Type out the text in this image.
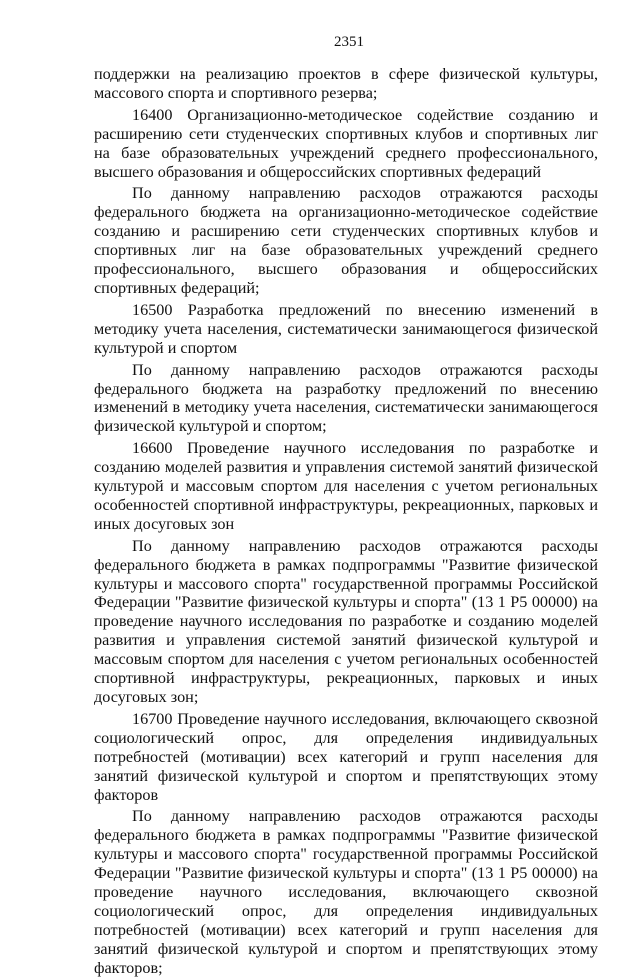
2351

поддержки на реализацию проектов в сфере физической культуры, массового спорта и спортивного резерва;

16400 Организационно-методическое содействие созданию и расширению сети студенческих спортивных клубов и спортивных лиг на базе образовательных учреждений среднего профессионального, высшего образования и общероссийских спортивных федераций

По данному направлению расходов отражаются расходы федерального бюджета на организационно-методическое содействие созданию и расширению сети студенческих спортивных клубов и спортивных лиг на базе образовательных учреждений среднего профессионального, высшего образования и общероссийских спортивных федераций;

16500 Разработка предложений по внесению изменений в методику учета населения, систематически занимающегося физической культурой и спортом

По данному направлению расходов отражаются расходы федерального бюджета на разработку предложений по внесению изменений в методику учета населения, систематически занимающегося физической культурой и спортом;

16600 Проведение научного исследования по разработке и созданию моделей развития и управления системой занятий физической культурой и массовым спортом для населения с учетом региональных особенностей спортивной инфраструктуры, рекреационных, парковых и иных досуговых зон

По данному направлению расходов отражаются расходы федерального бюджета в рамках подпрограммы "Развитие физической культуры и массового спорта" государственной программы Российской Федерации "Развитие физической культуры и спорта" (13 1 P5 00000) на проведение научного исследования по разработке и созданию моделей развития и управления системой занятий физической культурой и массовым спортом для населения с учетом региональных особенностей спортивной инфраструктуры, рекреационных, парковых и иных досуговых зон;

16700 Проведение научного исследования, включающего сквозной социологический опрос, для определения индивидуальных потребностей (мотивации) всех категорий и групп населения для занятий физической культурой и спортом и препятствующих этому факторов

По данному направлению расходов отражаются расходы федерального бюджета в рамках подпрограммы "Развитие физической культуры и массового спорта" государственной программы Российской Федерации "Развитие физической культуры и спорта" (13 1 P5 00000) на проведение научного исследования, включающего сквозной социологический опрос, для определения индивидуальных потребностей (мотивации) всех категорий и групп населения для занятий физической культурой и спортом и препятствующих этому факторов;
